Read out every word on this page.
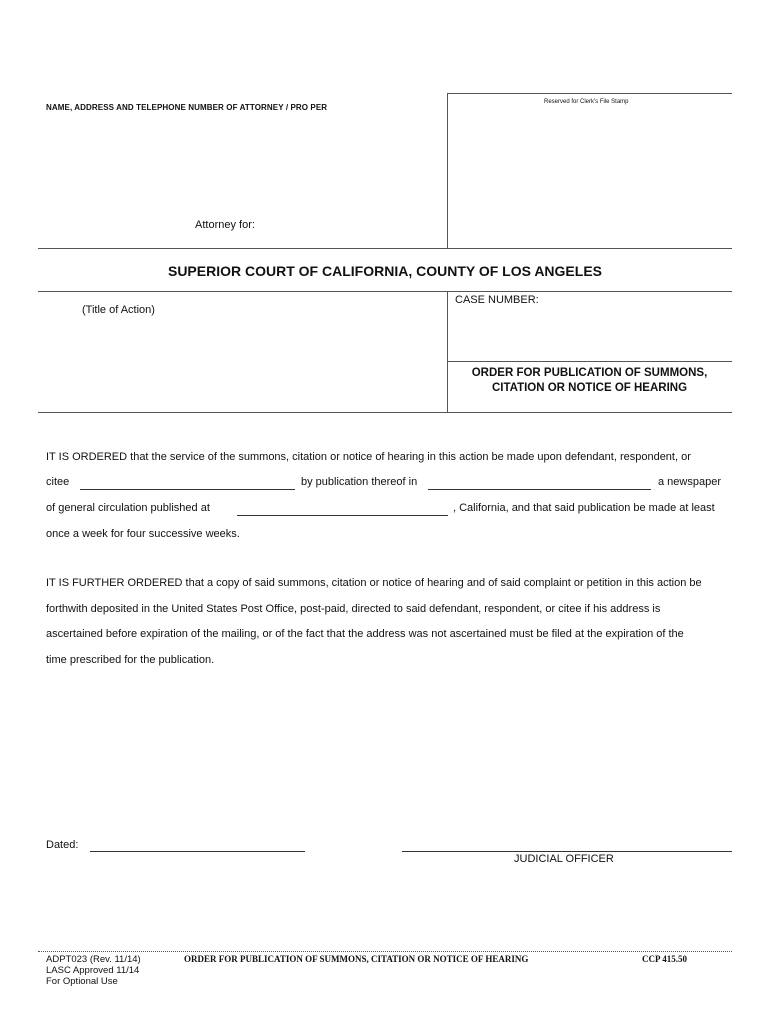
NAME, ADDRESS AND TELEPHONE NUMBER OF ATTORNEY / PRO PER
Reserved for Clerk's File Stamp
Attorney for:
SUPERIOR COURT OF CALIFORNIA, COUNTY OF LOS ANGELES
(Title of Action)
CASE NUMBER:
ORDER FOR PUBLICATION OF SUMMONS,
CITATION OR NOTICE OF HEARING
IT IS ORDERED that the service of the summons, citation or notice of hearing in this action be made upon defendant, respondent, or
citee	by publication thereof in	a newspaper
of general circulation published at	, California, and that said publication be made at least
once a week for four successive weeks.
IT IS FURTHER ORDERED that a copy of said summons, citation or notice of hearing and of said complaint or petition in this action be
forthwith deposited in the United States Post Office, post-paid, directed to said defendant, respondent, or citee if his address is
ascertained before expiration of the mailing, or of the fact that the address was not ascertained must be filed at the expiration of the
time prescribed for the publication.
Dated:
JUDICIAL OFFICER
ADPT023 (Rev. 11/14)
LASC Approved 11/14
For Optional Use
ORDER FOR PUBLICATION OF SUMMONS, CITATION OR NOTICE OF HEARING	CCP 415.50
